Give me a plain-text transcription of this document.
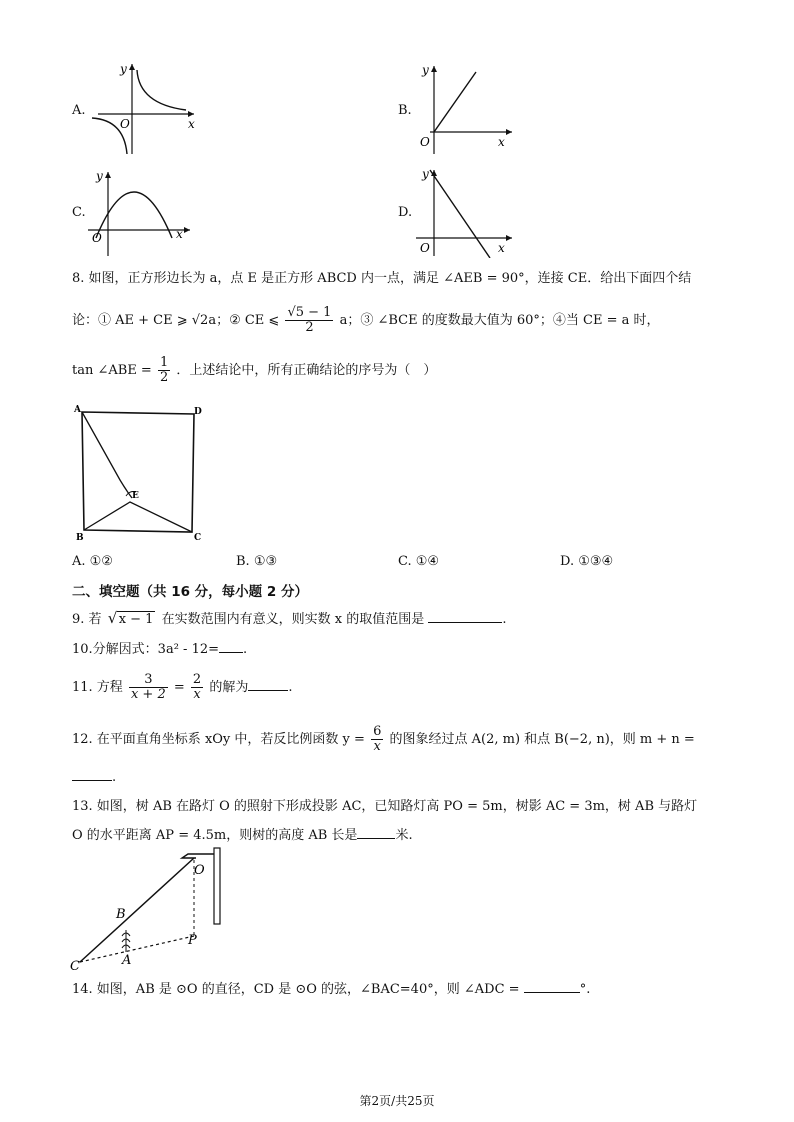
A.
y
x
O
B.
y
x
O
C.
y
x
O
D.
y
x
O
8. 如图，正方形边长为 a，点 E 是正方形 ABCD 内一点，满足 ∠AEB = 90°，连接 CE．给出下面四个结
论：① AE + CE ⩾ √2a；② CE ⩽ $\frac{√5 - 1}{2}$ a；③ ∠BCE 的度数最大值为 60°；④当 CE = a 时，
tan ∠ABE = $\frac{1}{2}$ ．上述结论中，所有正确结论的序号为（　）
A	D
E
B	C
A. ①②	B. ①③	C. ①④	D. ①③④
二、填空题（共 16 分，每小题 2 分）
9. 若 √ x − 1 在实数范围内有意义，则实数 x 的取值范围是	.
10.分解因式：3a² - 12= .
11. 方程 $\frac{3}{x + 2} = \frac{2}{x}$ 的解为	.
12. 在平面直角坐标系 xOy 中，若反比例函数 $y = \frac{6}{x}$ 的图象经过点 A(2, m) 和点 B(−2, n)，则 m + n =
.
13. 如图，树 AB 在路灯 O 的照射下形成投影 AC，已知路灯高 PO = 5m，树影 AC = 3m，树 AB 与路灯
O 的水平距离 AP = 4.5m，则树的高度 AB 长是	米.
O
B
P
C	A
14. 如图，AB 是 ⊙O 的直径，CD 是 ⊙O 的弦，∠BAC=40°，则 ∠ADC =	°.
第2页/共25页
